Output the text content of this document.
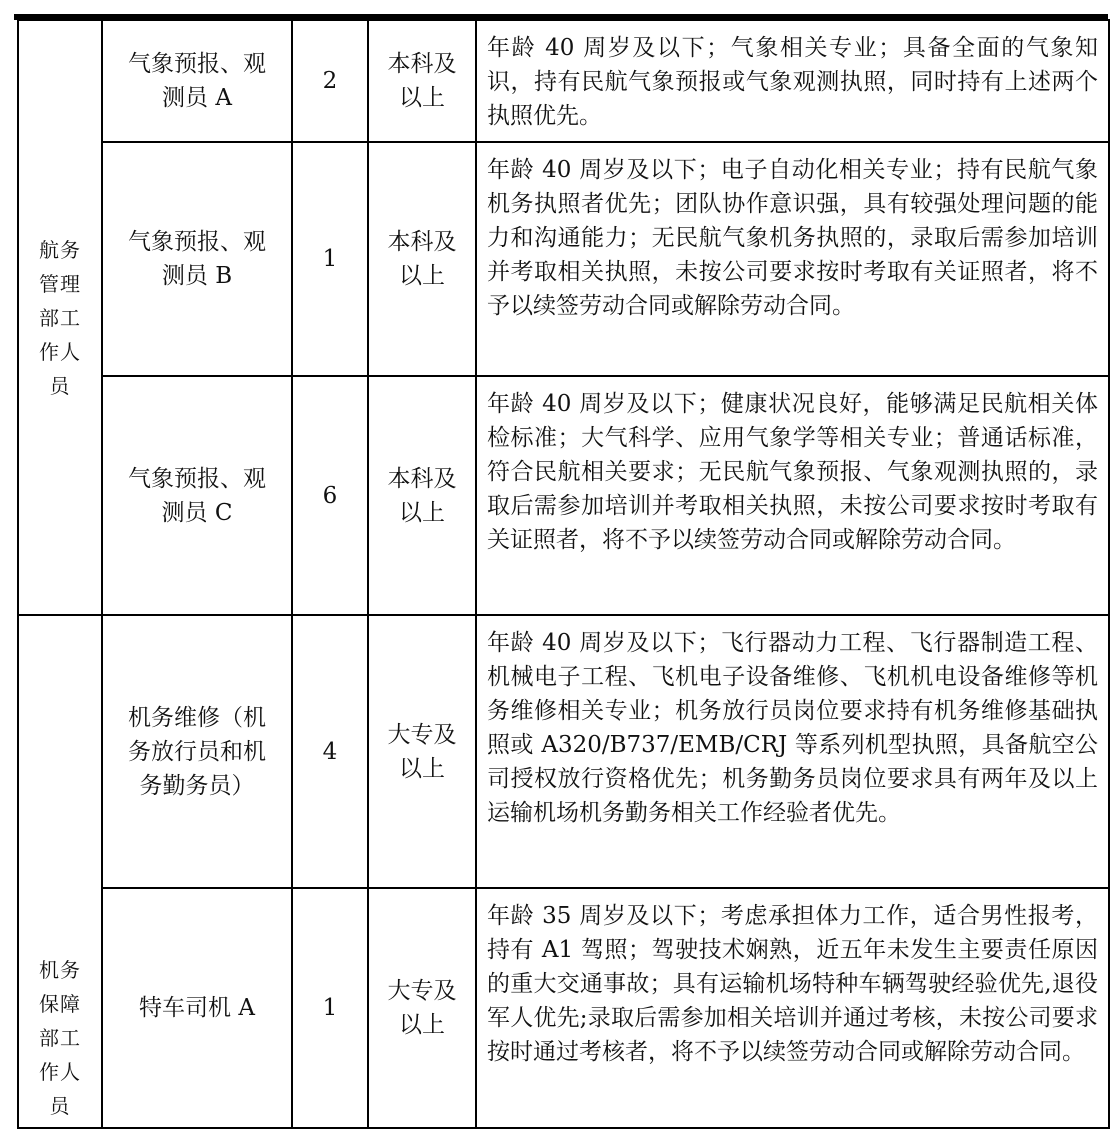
航务管理部工作人员	气象预报、观测员 A	2	本科及以上	年龄 40 周岁及以下；气象相关专业；具备全面的气象知识，持有民航气象预报或气象观测执照，同时持有上述两个执照优先。

	气象预报、观测员 B	1	本科及以上	年龄 40 周岁及以下；电子自动化相关专业；持有民航气象机务执照者优先；团队协作意识强，具有较强处理问题的能力和沟通能力；无民航气象机务执照的，录取后需参加培训并考取相关执照，未按公司要求按时考取有关证照者，将不予以续签劳动合同或解除劳动合同。

	气象预报、观测员 C	6	本科及以上	年龄 40 周岁及以下；健康状况良好，能够满足民航相关体检标准；大气科学、应用气象学等相关专业；普通话标准，符合民航相关要求；无民航气象预报、气象观测执照的，录取后需参加培训并考取相关执照，未按公司要求按时考取有关证照者，将不予以续签劳动合同或解除劳动合同。

机务保障部工作人员	机务维修（机务放行员和机务勤务员）	4	大专及以上	年龄 40 周岁及以下；飞行器动力工程、飞行器制造工程、机械电子工程、飞机电子设备维修、飞机机电设备维修等机务维修相关专业；机务放行员岗位要求持有机务维修基础执照或 A320/B737/EMB/CRJ 等系列机型执照，具备航空公司授权放行资格优先；机务勤务员岗位要求具有两年及以上运输机场机务勤务相关工作经验者优先。

	特车司机 A	1	大专及以上	年龄 35 周岁及以下；考虑承担体力工作，适合男性报考，持有 A1 驾照；驾驶技术娴熟，近五年未发生主要责任原因的重大交通事故；具有运输机场特种车辆驾驶经验优先,退役军人优先;录取后需参加相关培训并通过考核，未按公司要求按时通过考核者，将不予以续签劳动合同或解除劳动合同。
